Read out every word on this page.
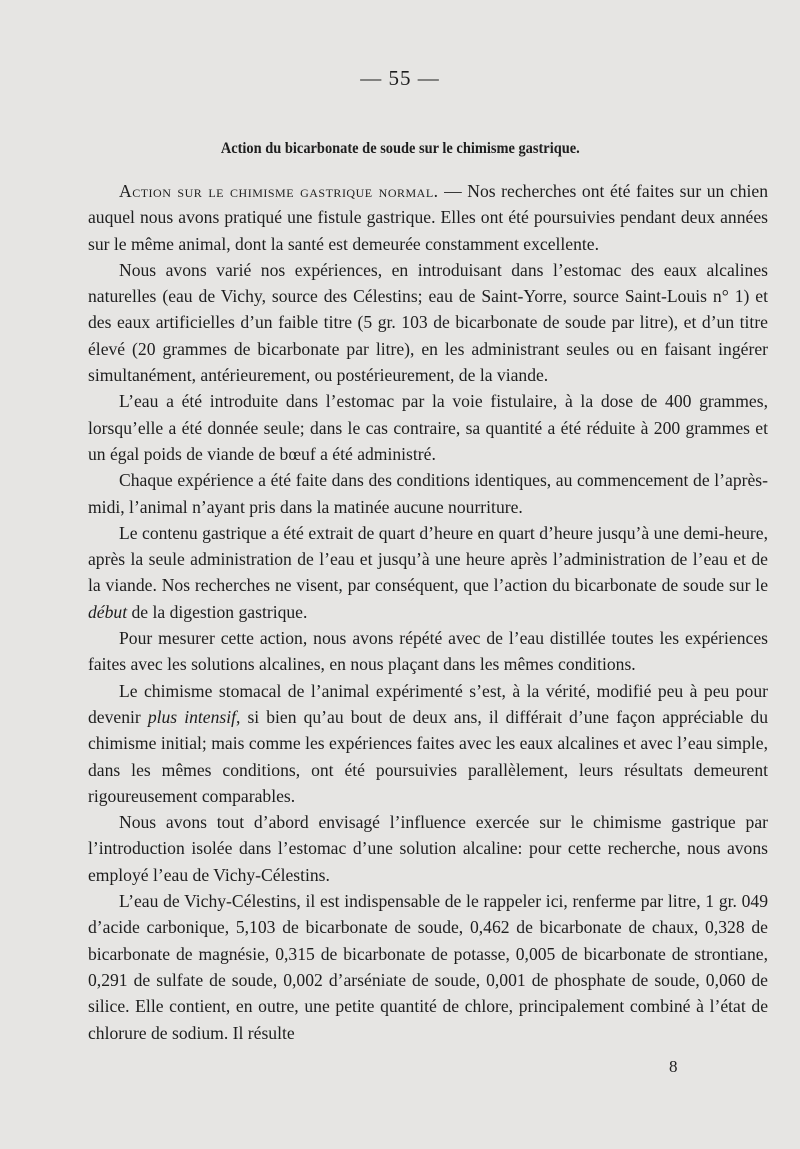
— 55 —
Action du bicarbonate de soude sur le chimisme gastrique.

Action sur le chimisme gastrique normal. — Nos recherches ont été faites sur un chien auquel nous avons pratiqué une fistule gastrique. Elles ont été poursuivies pendant deux années sur le même animal, dont la santé est demeurée constamment excellente.

Nous avons varié nos expériences, en introduisant dans l’estomac des eaux alcalines naturelles (eau de Vichy, source des Célestins; eau de Saint-Yorre, source Saint-Louis n° 1) et des eaux artificielles d’un faible titre (5 gr. 103 de bicarbonate de soude par litre), et d’un titre élevé (20 grammes de bicarbonate par litre), en les administrant seules ou en faisant ingérer simultanément, antérieurement, ou postérieurement, de la viande.

L’eau a été introduite dans l’estomac par la voie fistulaire, à la dose de 400 grammes, lorsqu’elle a été donnée seule; dans le cas contraire, sa quantité a été réduite à 200 grammes et un égal poids de viande de bœuf a été administré.

Chaque expérience a été faite dans des conditions identiques, au commencement de l’après-midi, l’animal n’ayant pris dans la matinée aucune nourriture.

Le contenu gastrique a été extrait de quart d’heure en quart d’heure jusqu’à une demi-heure, après la seule administration de l’eau et jusqu’à une heure après l’administration de l’eau et de la viande. Nos recherches ne visent, par conséquent, que l’action du bicarbonate de soude sur le début de la digestion gastrique.

Pour mesurer cette action, nous avons répété avec de l’eau distillée toutes les expériences faites avec les solutions alcalines, en nous plaçant dans les mêmes conditions.

Le chimisme stomacal de l’animal expérimenté s’est, à la vérité, modifié peu à peu pour devenir plus intensif, si bien qu’au bout de deux ans, il différait d’une façon appréciable du chimisme initial; mais comme les expériences faites avec les eaux alcalines et avec l’eau simple, dans les mêmes conditions, ont été poursuivies parallèlement, leurs résultats demeurent rigoureusement comparables.

Nous avons tout d’abord envisagé l’influence exercée sur le chimisme gastrique par l’introduction isolée dans l’estomac d’une solution alcaline: pour cette recherche, nous avons employé l’eau de Vichy-Célestins.

L’eau de Vichy-Célestins, il est indispensable de le rappeler ici, renferme par litre, 1 gr. 049 d’acide carbonique, 5,103 de bicarbonate de soude, 0,462 de bicarbonate de chaux, 0,328 de bicarbonate de magnésie, 0,315 de bicarbonate de potasse, 0,005 de bicarbonate de strontiane, 0,291 de sulfate de soude, 0,002 d’arséniate de soude, 0,001 de phosphate de soude, 0,060 de silice. Elle contient, en outre, une petite quantité de chlore, principalement combiné à l’état de chlorure de sodium. Il résulte

8
